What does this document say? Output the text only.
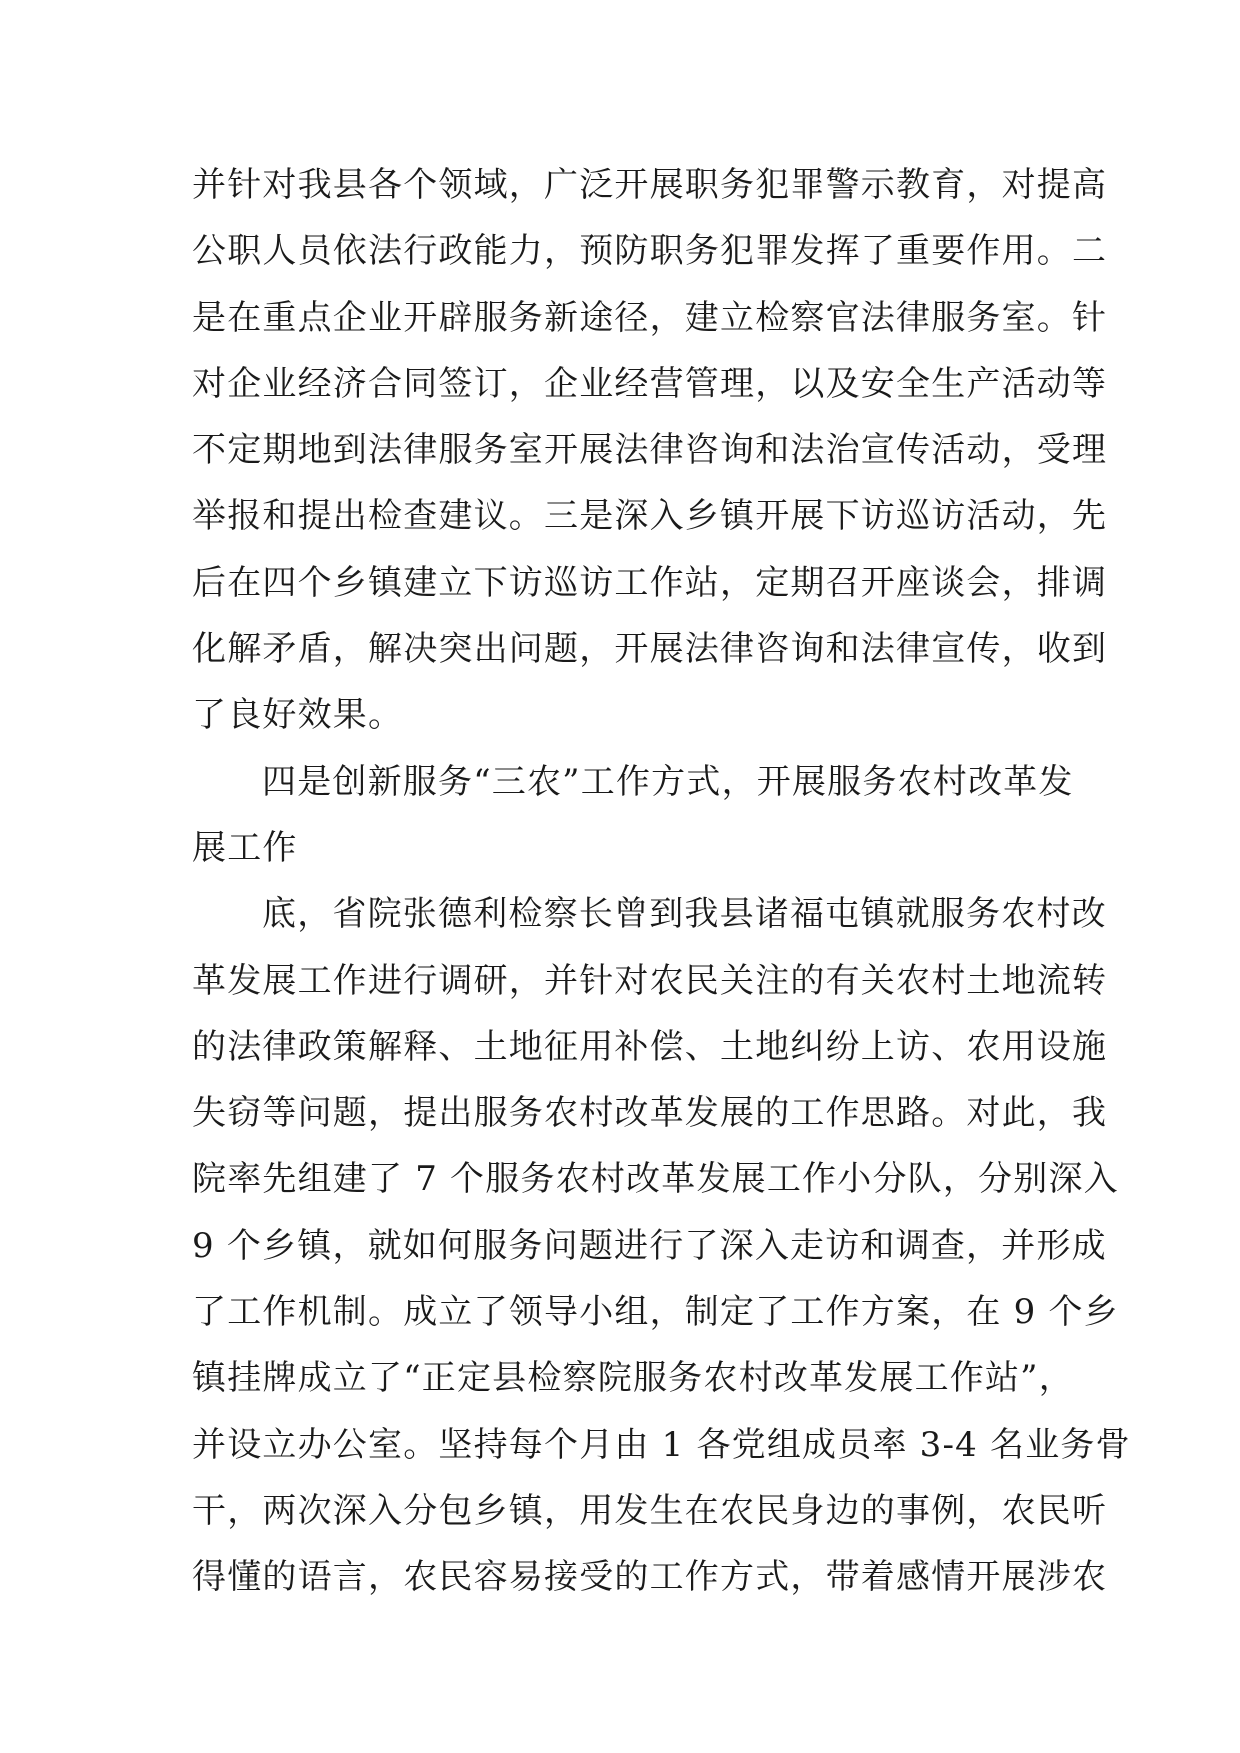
并针对我县各个领域，广泛开展职务犯罪警示教育，对提高
公职人员依法行政能力，预防职务犯罪发挥了重要作用。二
是在重点企业开辟服务新途径，建立检察官法律服务室。针
对企业经济合同签订，企业经营管理，以及安全生产活动等
不定期地到法律服务室开展法律咨询和法治宣传活动，受理
举报和提出检查建议。三是深入乡镇开展下访巡访活动，先
后在四个乡镇建立下访巡访工作站，定期召开座谈会，排调
化解矛盾，解决突出问题，开展法律咨询和法律宣传，收到
了良好效果。
四是创新服务“三农”工作方式，开展服务农村改革发
展工作
底，省院张德利检察长曾到我县诸福屯镇就服务农村改
革发展工作进行调研，并针对农民关注的有关农村土地流转
的法律政策解释、土地征用补偿、土地纠纷上访、农用设施
失窃等问题，提出服务农村改革发展的工作思路。对此，我
院率先组建了 7 个服务农村改革发展工作小分队，分别深入
9 个乡镇，就如何服务问题进行了深入走访和调查，并形成
了工作机制。成立了领导小组，制定了工作方案，在 9 个乡
镇挂牌成立了“正定县检察院服务农村改革发展工作站”，
并设立办公室。坚持每个月由 1 各党组成员率 3-4 名业务骨
干，两次深入分包乡镇，用发生在农民身边的事例，农民听
得懂的语言，农民容易接受的工作方式，带着感情开展涉农
